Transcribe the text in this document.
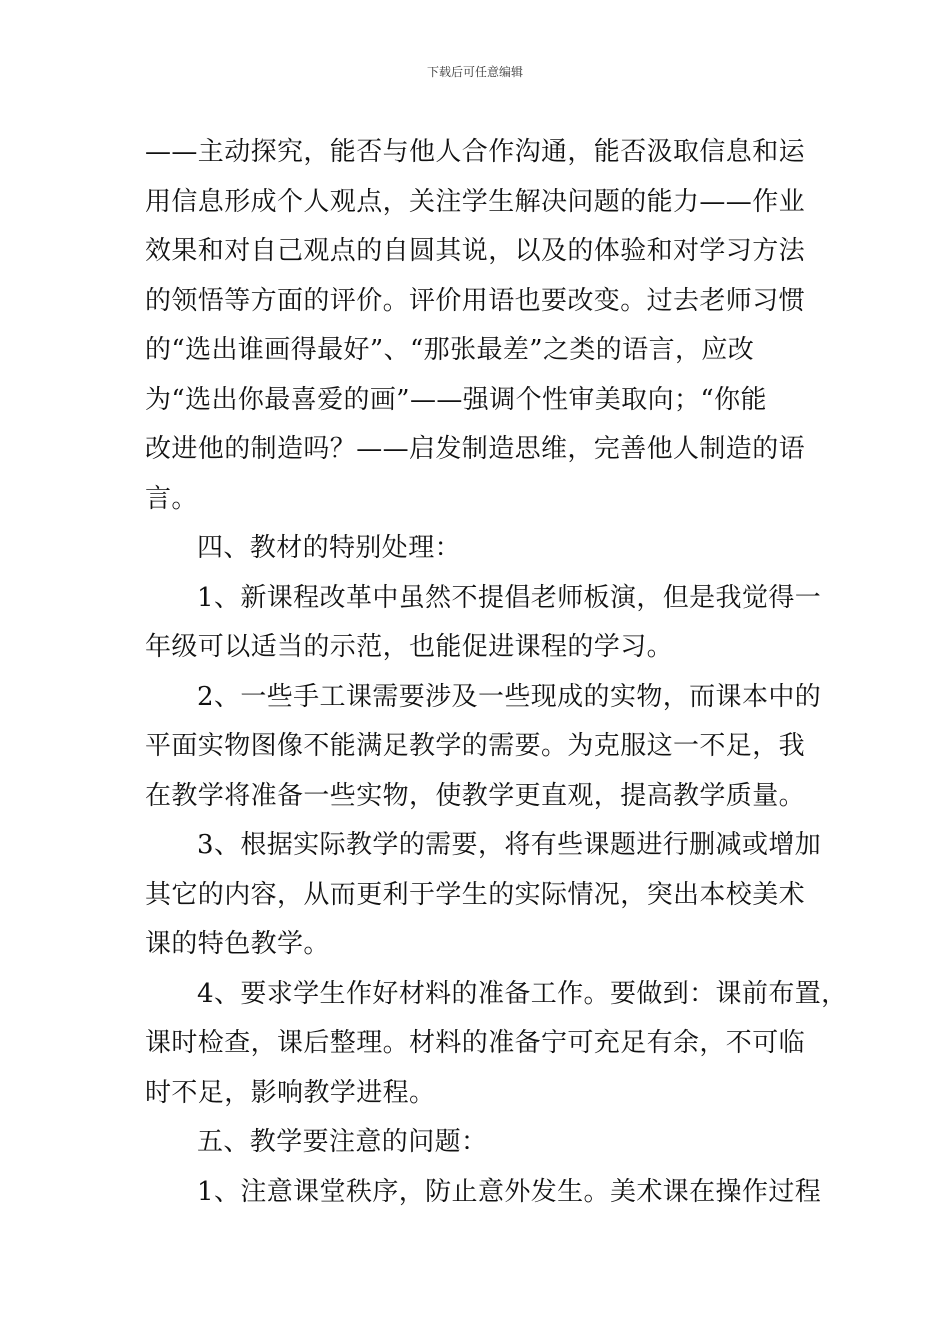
下载后可任意编辑
——主动探究，能否与他人合作沟通，能否汲取信息和运
用信息形成个人观点，关注学生解决问题的能力——作业
效果和对自己观点的自圆其说，以及的体验和对学习方法
的领悟等方面的评价。评价用语也要改变。过去老师习惯
的“选出谁画得最好”、“那张最差”之类的语言，应改
为“选出你最喜爱的画”——强调个性审美取向；“你能
改进他的制造吗？——启发制造思维，完善他人制造的语
言。
四、教材的特别处理：
1、新课程改革中虽然不提倡老师板演，但是我觉得一
年级可以适当的示范，也能促进课程的学习。
2、一些手工课需要涉及一些现成的实物，而课本中的
平面实物图像不能满足教学的需要。为克服这一不足，我
在教学将准备一些实物，使教学更直观，提高教学质量。
3、根据实际教学的需要，将有些课题进行删减或增加
其它的内容，从而更利于学生的实际情况，突出本校美术
课的特色教学。
4、要求学生作好材料的准备工作。要做到：课前布置，
课时检查，课后整理。材料的准备宁可充足有余，不可临
时不足，影响教学进程。
五、教学要注意的问题：
1、注意课堂秩序，防止意外发生。美术课在操作过程
